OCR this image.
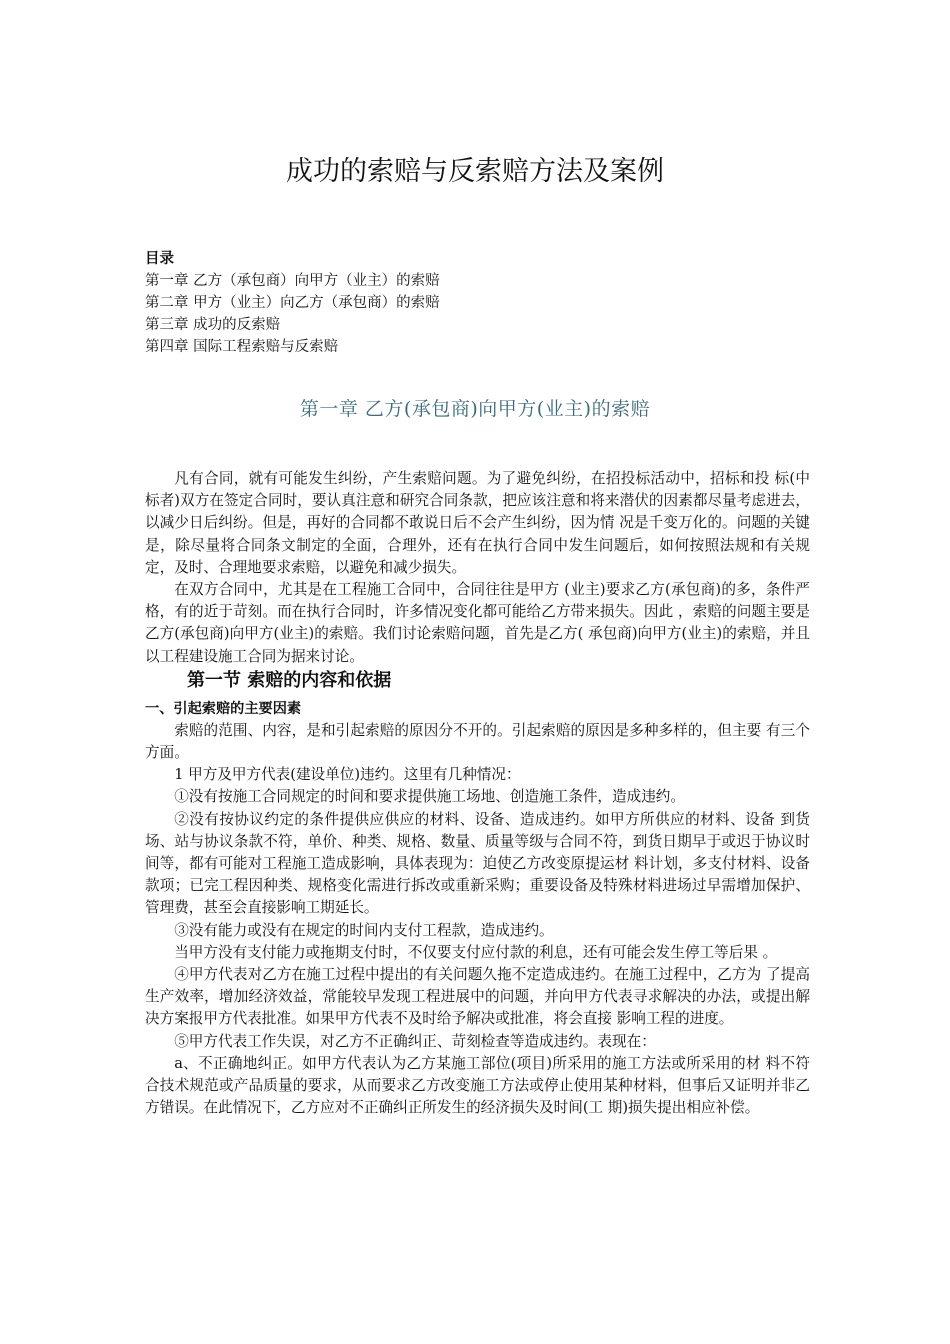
成功的索赔与反索赔方法及案例
目录
第一章 乙方（承包商）向甲方（业主）的索赔
第二章 甲方（业主）向乙方（承包商）的索赔
第三章 成功的反索赔
第四章 国际工程索赔与反索赔
第一章 乙方(承包商)向甲方(业主)的索赔

凡有合同，就有可能发生纠纷，产生索赔问题。为了避免纠纷，在招投标活动中，招标和投 标(中标者)双方在签定合同时，要认真注意和研究合同条款，把应该注意和将来潜伏的因素都尽量考虑进去，以减少日后纠纷。但是，再好的合同都不敢说日后不会产生纠纷，因为情 况是千变万化的。问题的关键是，除尽量将合同条文制定的全面，合理外，还有在执行合同中发生问题后，如何按照法规和有关规定，及时、合理地要求索赔，以避免和减少损失。

在双方合同中，尤其是在工程施工合同中，合同往往是甲方 (业主)要求乙方(承包商)的多，条件严格，有的近于苛刻。而在执行合同时，许多情况变化都可能给乙方带来损失。因此 ，索赔的问题主要是乙方(承包商)向甲方(业主)的索赔。我们讨论索赔问题，首先是乙方( 承包商)向甲方(业主)的索赔，并且以工程建设施工合同为据来讨论。

第一节 索赔的内容和依据
一、引起索赔的主要因素

索赔的范围、内容，是和引起索赔的原因分不开的。引起索赔的原因是多种多样的，但主要 有三个方面。

1 甲方及甲方代表(建设单位)违约。这里有几种情况：

①没有按施工合同规定的时间和要求提供施工场地、创造施工条件，造成违约。

②没有按协议约定的条件提供应供应的材料、设备、造成违约。如甲方所供应的材料、设备 到货场、站与协议条款不符，单价、种类、规格、数量、质量等级与合同不符，到货日期早于或迟于协议时间等，都有可能对工程施工造成影响，具体表现为：迫使乙方改变原提运材 料计划，多支付材料、设备款项；已完工程因种类、规格变化需进行拆改或重新采购；重要设备及特殊材料进场过早需增加保护、管理费，甚至会直接影响工期延长。

③没有能力或没有在规定的时间内支付工程款，造成违约。

当甲方没有支付能力或拖期支付时，不仅要支付应付款的利息，还有可能会发生停工等后果 。

④甲方代表对乙方在施工过程中提出的有关问题久拖不定造成违约。在施工过程中，乙方为 了提高生产效率，增加经济效益，常能较早发现工程进展中的问题，并向甲方代表寻求解决的办法，或提出解决方案报甲方代表批准。如果甲方代表不及时给予解决或批准，将会直接 影响工程的进度。

⑤甲方代表工作失误，对乙方不正确纠正、苛刻检查等造成违约。表现在：

a、不正确地纠正。如甲方代表认为乙方某施工部位(项目)所采用的施工方法或所采用的材 料不符合技术规范或产品质量的要求，从而要求乙方改变施工方法或停止使用某种材料，但事后又证明并非乙方错误。在此情况下，乙方应对不正确纠正所发生的经济损失及时间(工 期)损失提出相应补偿。
